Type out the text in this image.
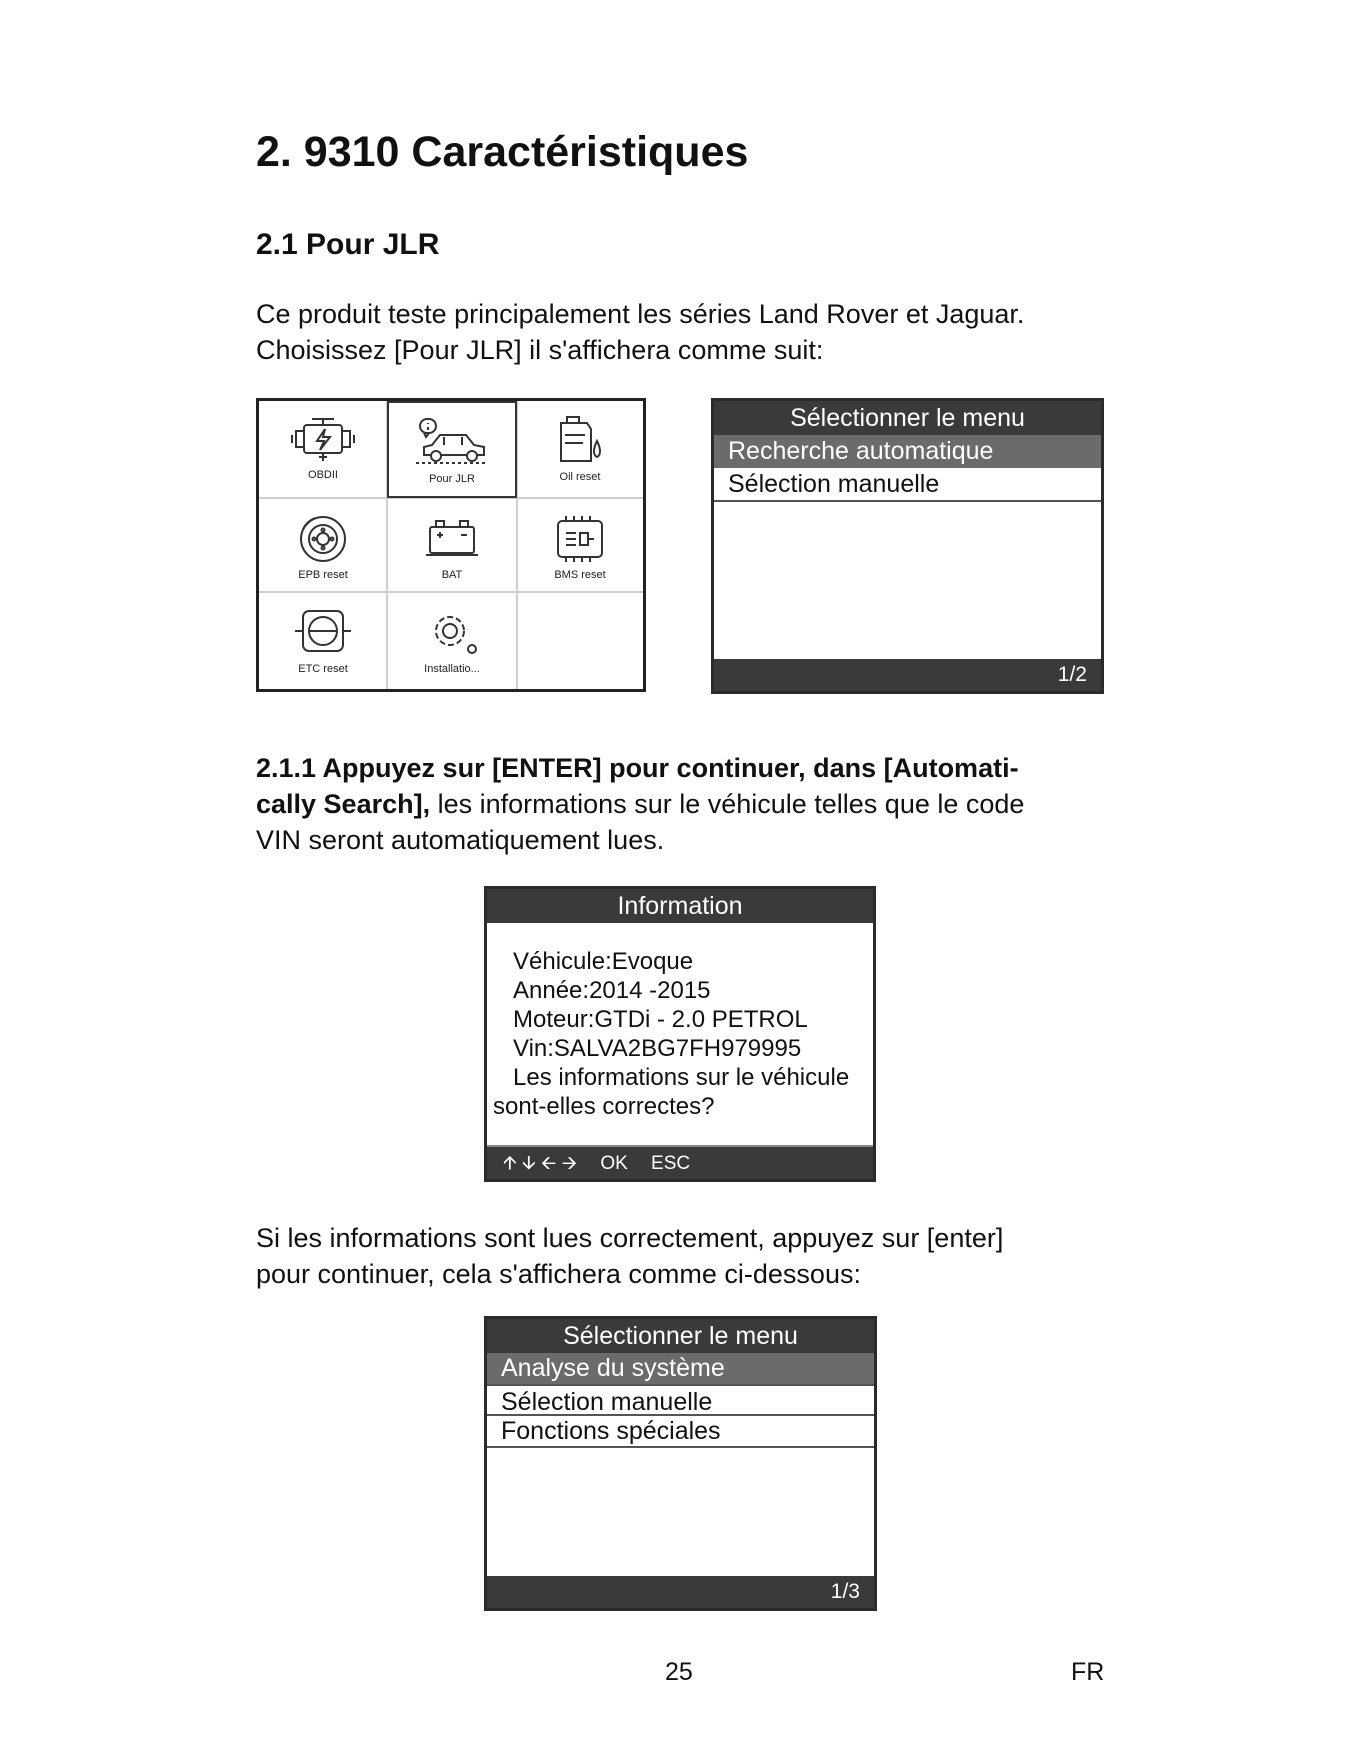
2. 9310 Caractéristiques
2.1 Pour JLR
Ce produit teste principalement les séries Land Rover et Jaguar.
Choisissez [Pour JLR] il s'affichera comme suit:
OBDII	Pour JLR	Oil reset
EPB reset	BAT	BMS reset
ETC reset	Installatio...
Sélectionner le menu
Recherche automatique
Sélection manuelle
1/2
2.1.1 Appuyez sur [ENTER] pour continuer, dans [Automati-
cally Search], les informations sur le véhicule telles que le code
VIN seront automatiquement lues.
Information
Véhicule:Evoque
Année:2014 -2015
Moteur:GTDi - 2.0 PETROL
Vin:SALVA2BG7FH979995
Les informations sur le véhicule
sont-elles correctes?
🡩 🡫 🡨 🡪 OK ESC
Si les informations sont lues correctement, appuyez sur [enter]
pour continuer, cela s'affichera comme ci-dessous:
Sélectionner le menu
Analyse du système
Sélection manuelle
Fonctions spéciales
1/3
25	FR
